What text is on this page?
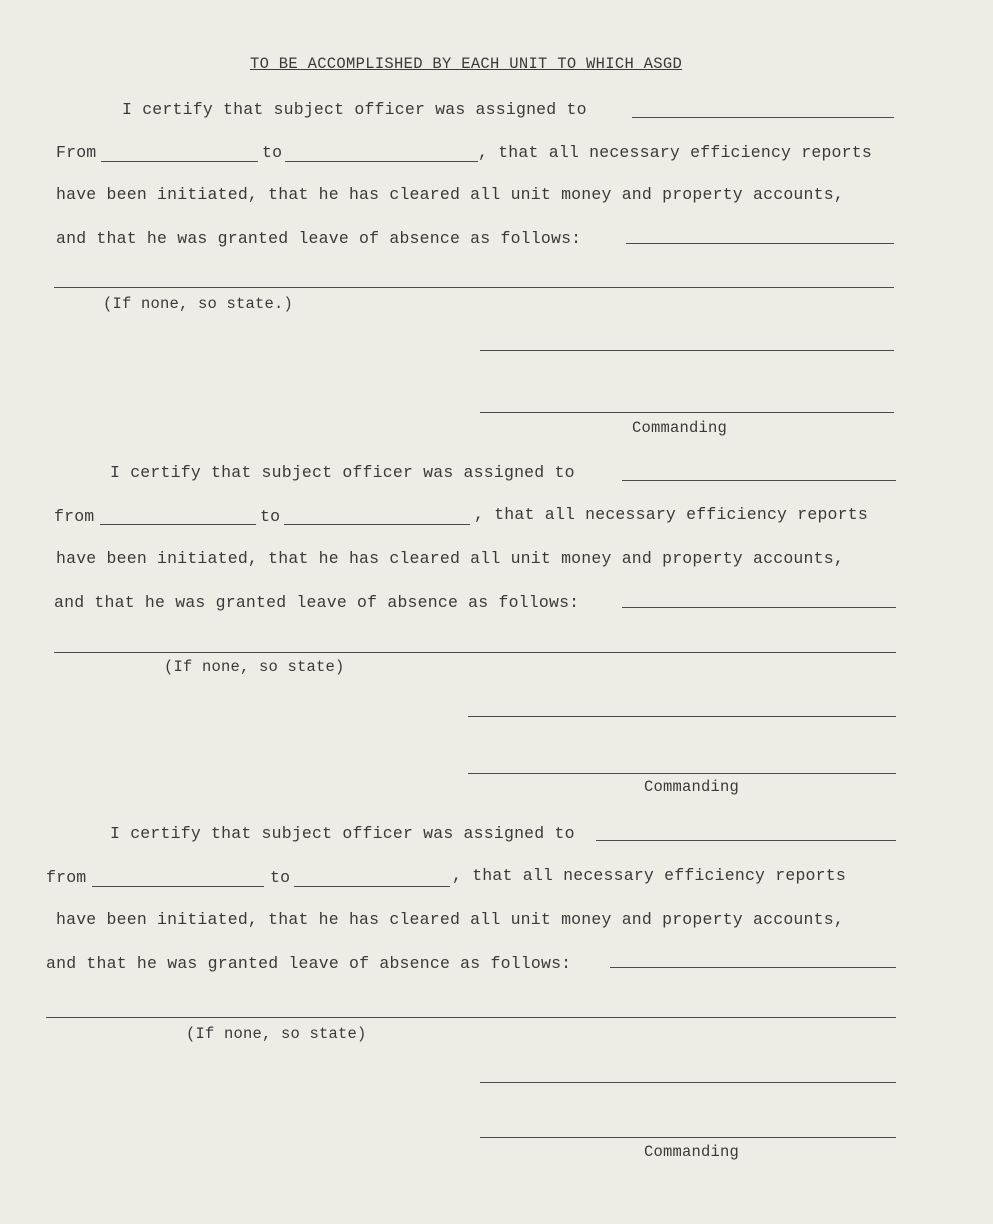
TO BE ACCOMPLISHED BY EACH UNIT TO WHICH ASGD
I certify that subject officer was assigned to
From	to	, that all necessary efficiency reports
have been initiated, that he has cleared all unit money and property accounts,
and that he was granted leave of absence as follows:
(If none, so state.)
Commanding
I certify that subject officer was assigned to
from	to	, that all necessary efficiency reports
have been initiated, that he has cleared all unit money and property accounts,
and that he was granted leave of absence as follows:
(If none, so state)
Commanding
I certify that subject officer was assigned to
from	to	, that all necessary efficiency reports
have been initiated, that he has cleared all unit money and property accounts,
and that he was granted leave of absence as follows:
(If none, so state)
Commanding
